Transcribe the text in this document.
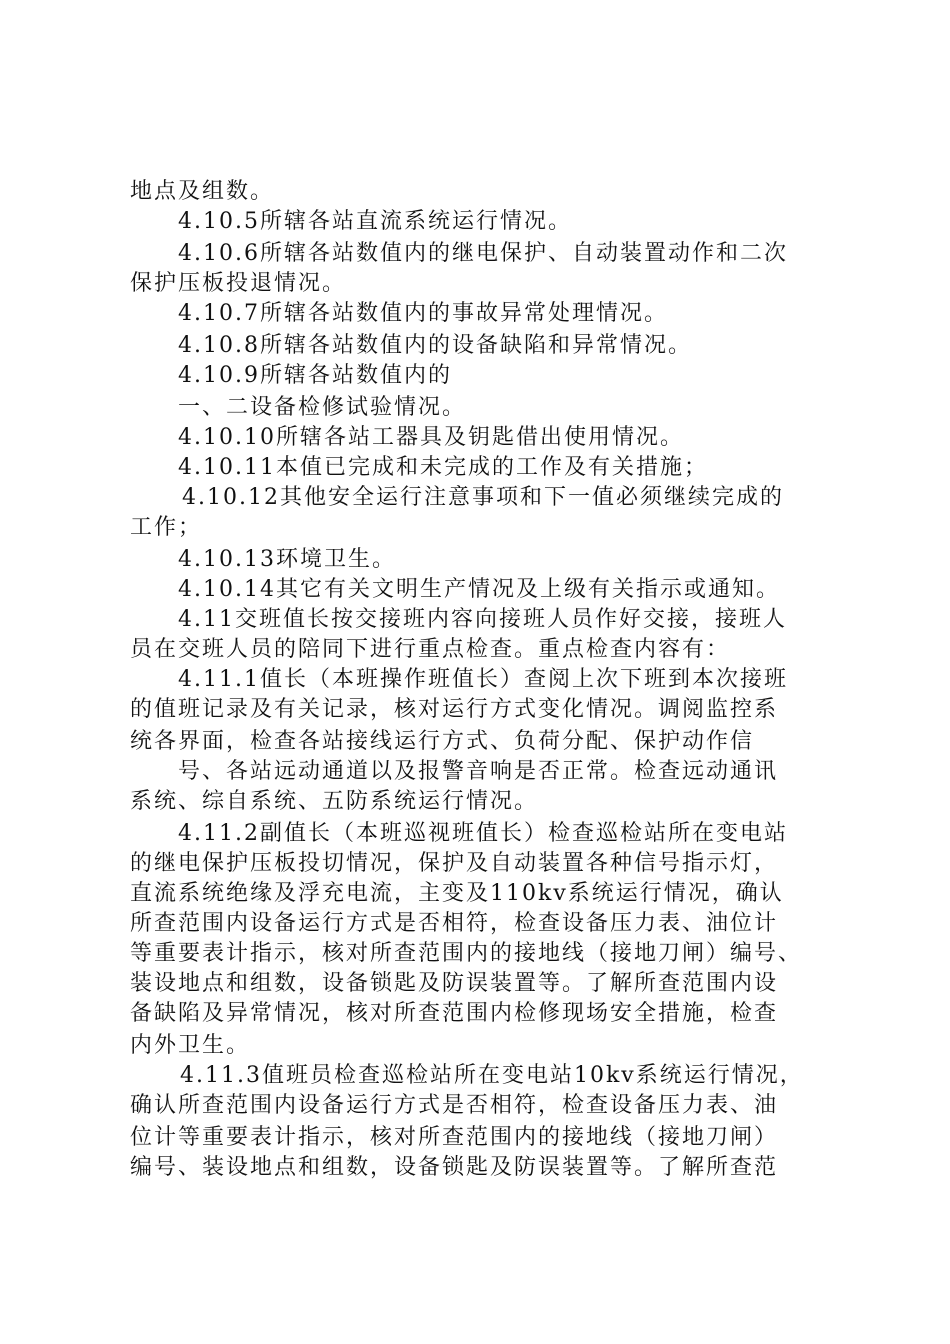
地点及组数。
4.10.5所辖各站直流系统运行情况。
4.10.6所辖各站数值内的继电保护、自动装置动作和二次
保护压板投退情况。
4.10.7所辖各站数值内的事故异常处理情况。
4.10.8所辖各站数值内的设备缺陷和异常情况。
4.10.9所辖各站数值内的
一、二设备检修试验情况。
4.10.10所辖各站工器具及钥匙借出使用情况。
4.10.11本值已完成和未完成的工作及有关措施；
4.10.12其他安全运行注意事项和下一值必须继续完成的
工作；
4.10.13环境卫生。
4.10.14其它有关文明生产情况及上级有关指示或通知。
4.11交班值长按交接班内容向接班人员作好交接，接班人
员在交班人员的陪同下进行重点检查。重点检查内容有：
4.11.1值长（本班操作班值长）查阅上次下班到本次接班
的值班记录及有关记录，核对运行方式变化情况。调阅监控系
统各界面，检查各站接线运行方式、负荷分配、保护动作信
号、各站远动通道以及报警音响是否正常。检查远动通讯
系统、综自系统、五防系统运行情况。
4.11.2副值长（本班巡视班值长）检查巡检站所在变电站
的继电保护压板投切情况，保护及自动装置各种信号指示灯，
直流系统绝缘及浮充电流，主变及110kv系统运行情况，确认
所查范围内设备运行方式是否相符，检查设备压力表、油位计
等重要表计指示，核对所查范围内的接地线（接地刀闸）编号、
装设地点和组数，设备锁匙及防误装置等。了解所查范围内设
备缺陷及异常情况，核对所查范围内检修现场安全措施，检查
内外卫生。
4.11.3值班员检查巡检站所在变电站10kv系统运行情况，
确认所查范围内设备运行方式是否相符，检查设备压力表、油
位计等重要表计指示，核对所查范围内的接地线（接地刀闸）
编号、装设地点和组数，设备锁匙及防误装置等。了解所查范
